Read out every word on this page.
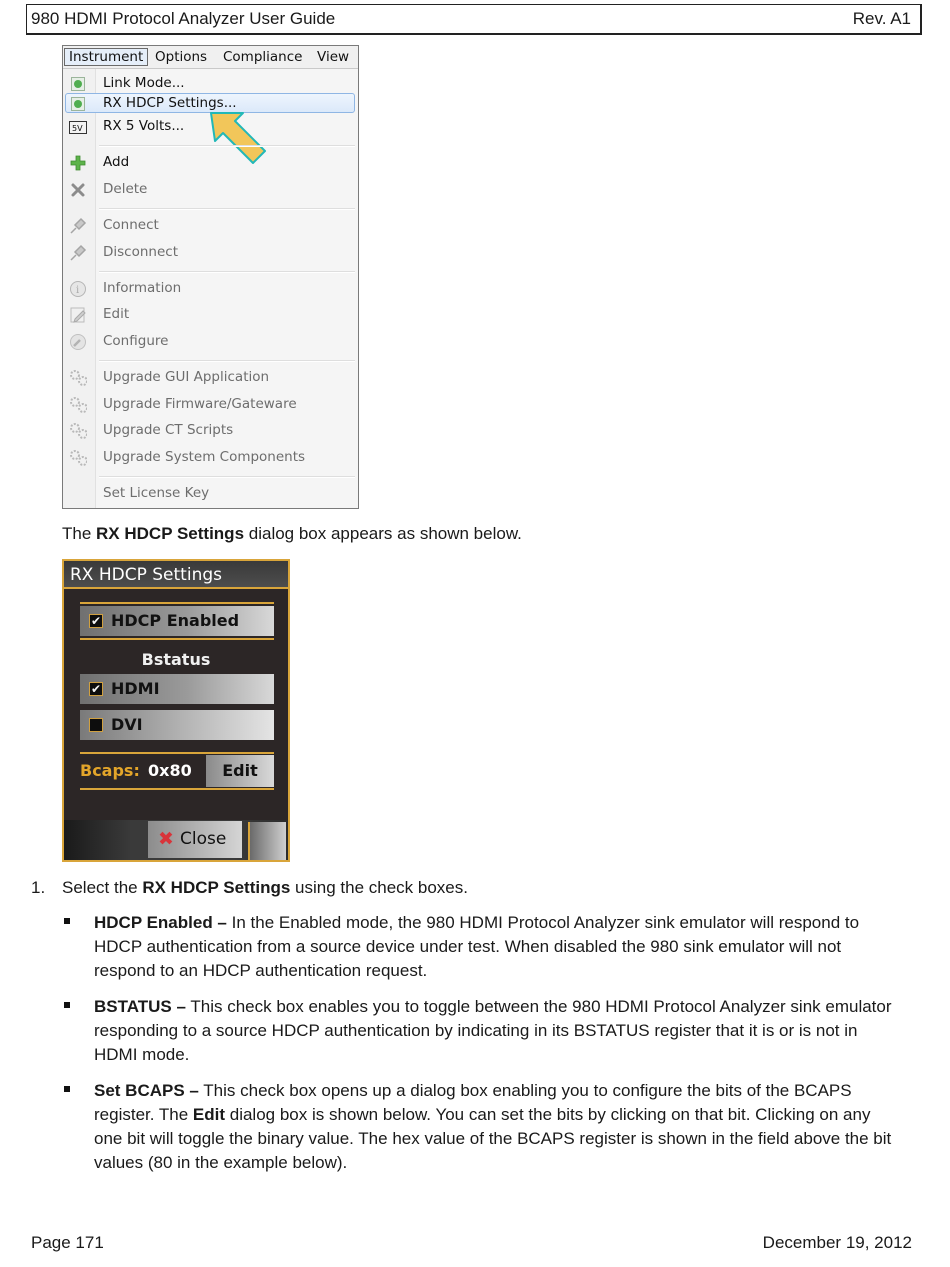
980 HDMI Protocol Analyzer User Guide	Rev. A1
Instrument Options Compliance View
Link Mode...
RX HDCP Settings...
5V RX 5 Volts...
Add
Delete
Connect
Disconnect
i Information
Edit
Configure
Upgrade GUI Application
Upgrade Firmware/Gateware
Upgrade CT Scripts
Upgrade System Components
Set License Key
The RX HDCP Settings dialog box appears as shown below.
RX HDCP Settings
✔ HDCP Enabled
Bstatus
✔ HDMI
DVI
Bcaps: 0x80	Edit
✖ Close
1. Select the RX HDCP Settings using the check boxes.
HDCP Enabled – In the Enabled mode, the 980 HDMI Protocol Analyzer sink emulator will respond to
HDCP authentication from a source device under test. When disabled the 980 sink emulator will not
respond to an HDCP authentication request.
BSTATUS – This check box enables you to toggle between the 980 HDMI Protocol Analyzer sink emulator
responding to a source HDCP authentication by indicating in its BSTATUS register that it is or is not in
HDMI mode.
Set BCAPS – This check box opens up a dialog box enabling you to configure the bits of the BCAPS
register. The Edit dialog box is shown below. You can set the bits by clicking on that bit. Clicking on any
one bit will toggle the binary value. The hex value of the BCAPS register is shown in the field above the bit
values (80 in the example below).
Page 171	December 19, 2012
